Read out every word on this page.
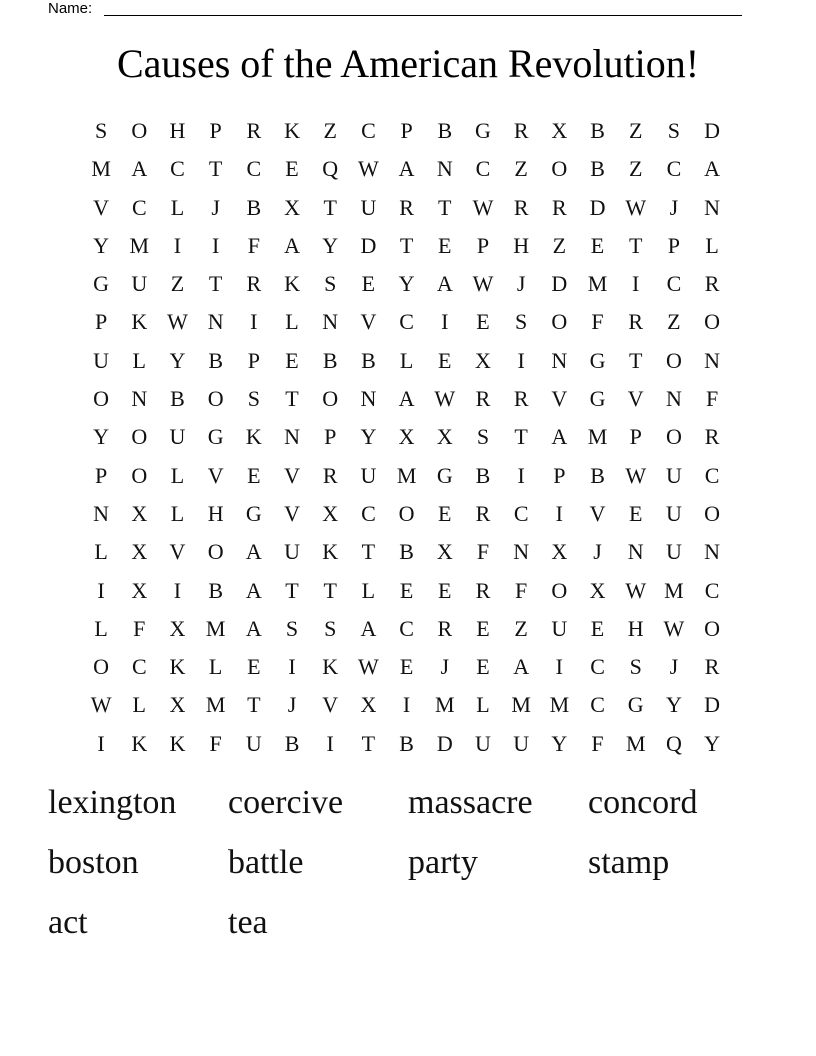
Name:
Causes of the American Revolution!
S	O	H	P	R	K	Z	C	P	B	G	R	X	B	Z	S	D
M A	C	T	C	E	Q W A	N	C	Z	O	B	Z	C	A
V	C	L	J	B	X	T	U	R	T W R	R	D W	J	N
Y M	I	I	F	A	Y	D	T	E	P	H	Z	E	T	P	L
G	U	Z	T	R	K	S	E	Y	A W	J	D M	I	C	R
P	K W N	I	L	N	V	C	I	E	S	O	F	R	Z	O
U	L	Y	B	P	E	B	B	L	E	X	I	N	G	T	O	N
O	N	B	O	S	T	O	N	A W R	R	V	G	V	N	F
Y	O	U	G	K	N	P	Y	X	X	S	T	A M	P	O	R
P	O	L	V	E	V	R	U M G	B	I	P	B W U	C
N	X	L	H	G	V	X	C	O	E	R	C	I	V	E	U	O
L	X	V	O	A	U	K	T	B	X	F	N	X	J	N	U	N
I	X	I	B	A	T	T	L	E	E	R	F	O	X W M C
L	F	X M A	S	S	A	C	R	E	Z	U	E	H W O
O	C	K	L	E	I	K W E	J	E	A	I	C	S	J	R
W L	X M T	J	V	X	I	M L M M C	G	Y	D
I	K	K	F	U	B	I	T	B	D	U	U	Y	F	M Q	Y
lexington	coercive	massacre	concord
boston	battle	party	stamp
act	tea
